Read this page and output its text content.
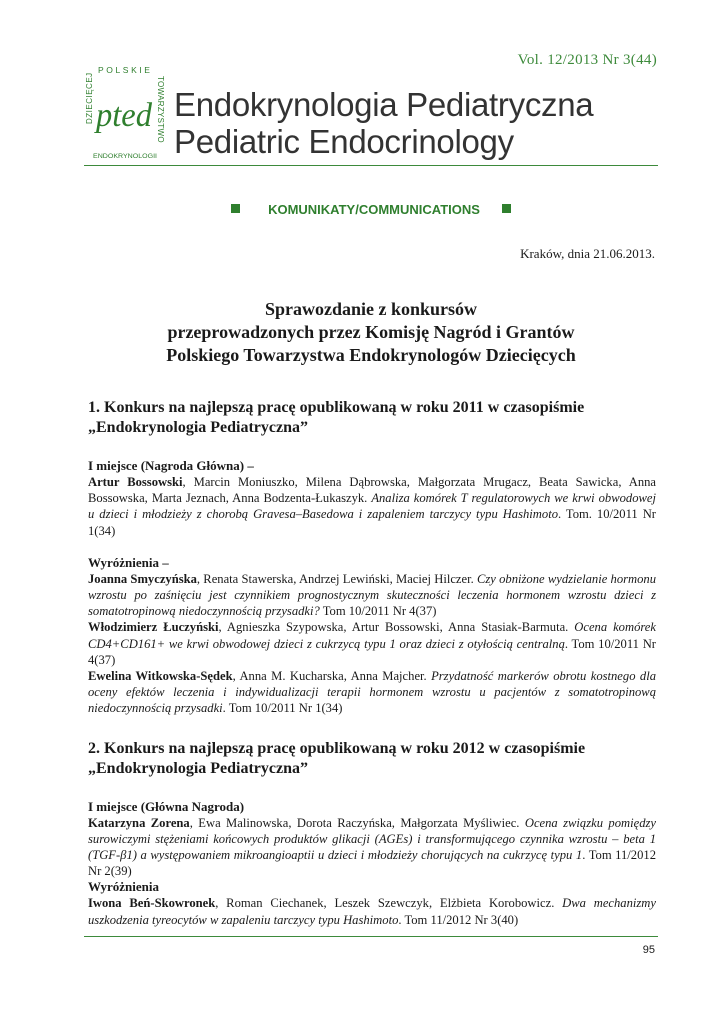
Vol. 12/2013 Nr 3(44)
POLSKIE
DZIECIĘCEJ	TOWARZYSTWO
pted
ENDOKRYNOLOGII
Endokrynologia Pediatryczna
Pediatric Endocrinology
KOMUNIKATY/COMMUNICATIONS
Kraków, dnia 21.06.2013.
Sprawozdanie z konkursów
przeprowadzonych przez Komisję Nagród i Grantów
Polskiego Towarzystwa Endokrynologów Dziecięcych
1. Konkurs na najlepszą pracę opublikowaną w roku 2011 w czasopiśmie
„Endokrynologia Pediatryczna”
I miejsce (Nagroda Główna) –

Artur Bossowski, Marcin Moniuszko, Milena Dąbrowska, Małgorzata Mrugacz, Beata Sawicka, Anna Bossowska, Marta Jeznach, Anna Bodzenta-Łukaszyk. Analiza komórek T regulatorowych we krwi obwodowej u dzieci i młodzieży z chorobą Gravesa–Basedowa i zapaleniem tarczycy typu Hashimoto. Tom. 10/2011 Nr 1(34)

Wyróżnienia –

Joanna Smyczyńska, Renata Stawerska, Andrzej Lewiński, Maciej Hilczer. Czy obniżone wydzielanie hormonu wzrostu po zaśnięciu jest czynnikiem prognostycznym skuteczności leczenia hormonem wzrostu dzieci z somatotropinową niedoczynnością przysadki? Tom 10/2011 Nr 4(37)

Włodzimierz Łuczyński, Agnieszka Szypowska, Artur Bossowski, Anna Stasiak-Barmuta. Ocena komórek CD4+CD161+ we krwi obwodowej dzieci z cukrzycą typu 1 oraz dzieci z otyłością centralną. Tom 10/2011 Nr 4(37)

Ewelina Witkowska-Sędek, Anna M. Kucharska, Anna Majcher. Przydatność markerów obrotu kostnego dla oceny efektów leczenia i indywidualizacji terapii hormonem wzrostu u pacjentów z somatotropinową niedoczynnością przysadki. Tom 10/2011 Nr 1(34)

2. Konkurs na najlepszą pracę opublikowaną w roku 2012 w czasopiśmie
„Endokrynologia Pediatryczna”
I miejsce (Główna Nagroda)

Katarzyna Zorena, Ewa Malinowska, Dorota Raczyńska, Małgorzata Myśliwiec. Ocena związku pomiędzy surowiczymi stężeniami końcowych produktów glikacji (AGEs) i transformującego czynnika wzrostu – beta 1 (TGF-β1) a występowaniem mikroangioaptii u dzieci i młodzieży chorujących na cukrzycę typu 1. Tom 11/2012 Nr 2(39)

Wyróżnienia

Iwona Beń-Skowronek, Roman Ciechanek, Leszek Szewczyk, Elżbieta Korobowicz. Dwa mechanizmy uszkodzenia tyreocytów w zapaleniu tarczycy typu Hashimoto. Tom 11/2012 Nr 3(40)

95
